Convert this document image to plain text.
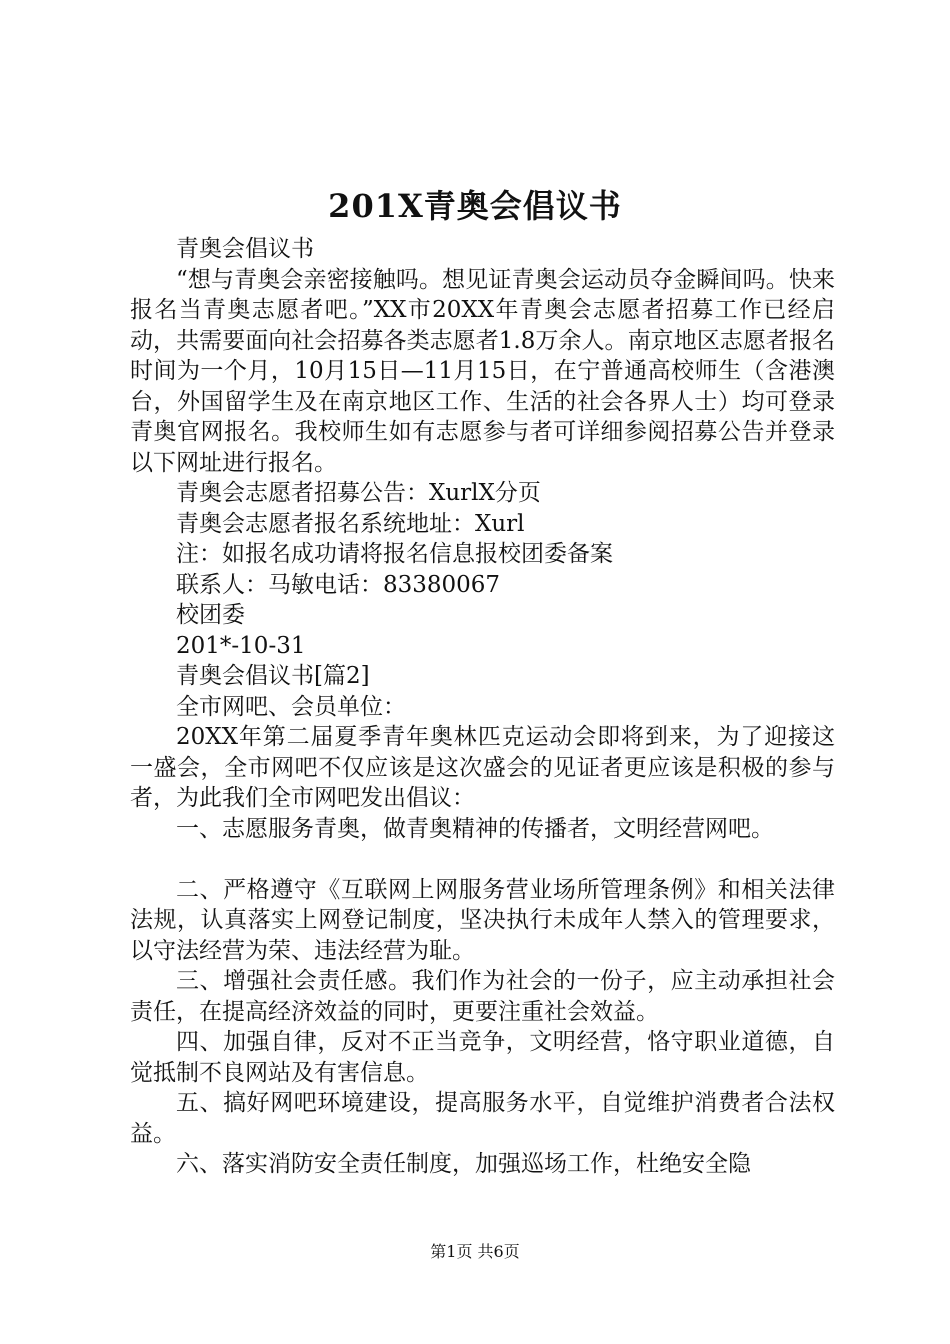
201X青奥会倡议书

青奥会倡议书

“想与青奥会亲密接触吗。想见证青奥会运动员夺金瞬间吗。快来报名当青奥志愿者吧。”XX市20XX年青奥会志愿者招募工作已经启动，共需要面向社会招募各类志愿者1.8万余人。南京地区志愿者报名时间为一个月，10月15日—11月15日，在宁普通高校师生（含港澳台，外国留学生及在南京地区工作、生活的社会各界人士）均可登录青奥官网报名。我校师生如有志愿参与者可详细参阅招募公告并登录以下网址进行报名。

青奥会志愿者招募公告：XurlX分页

青奥会志愿者报名系统地址：Xurl

注：如报名成功请将报名信息报校团委备案

联系人：马敏电话：83380067

校团委

201*-10-31

青奥会倡议书[篇2]

全市网吧、会员单位：

20XX年第二届夏季青年奥林匹克运动会即将到来，为了迎接这一盛会，全市网吧不仅应该是这次盛会的见证者更应该是积极的参与者，为此我们全市网吧发出倡议：

一、志愿服务青奥，做青奥精神的传播者，文明经营网吧。

二、严格遵守《互联网上网服务营业场所管理条例》和相关法律法规，认真落实上网登记制度，坚决执行未成年人禁入的管理要求，以守法经营为荣、违法经营为耻。

三、增强社会责任感。我们作为社会的一份子，应主动承担社会责任，在提高经济效益的同时，更要注重社会效益。

四、加强自律，反对不正当竞争，文明经营，恪守职业道德，自觉抵制不良网站及有害信息。

五、搞好网吧环境建设，提高服务水平，自觉维护消费者合法权益。

六、落实消防安全责任制度，加强巡场工作，杜绝安全隐

第1页 共6页
